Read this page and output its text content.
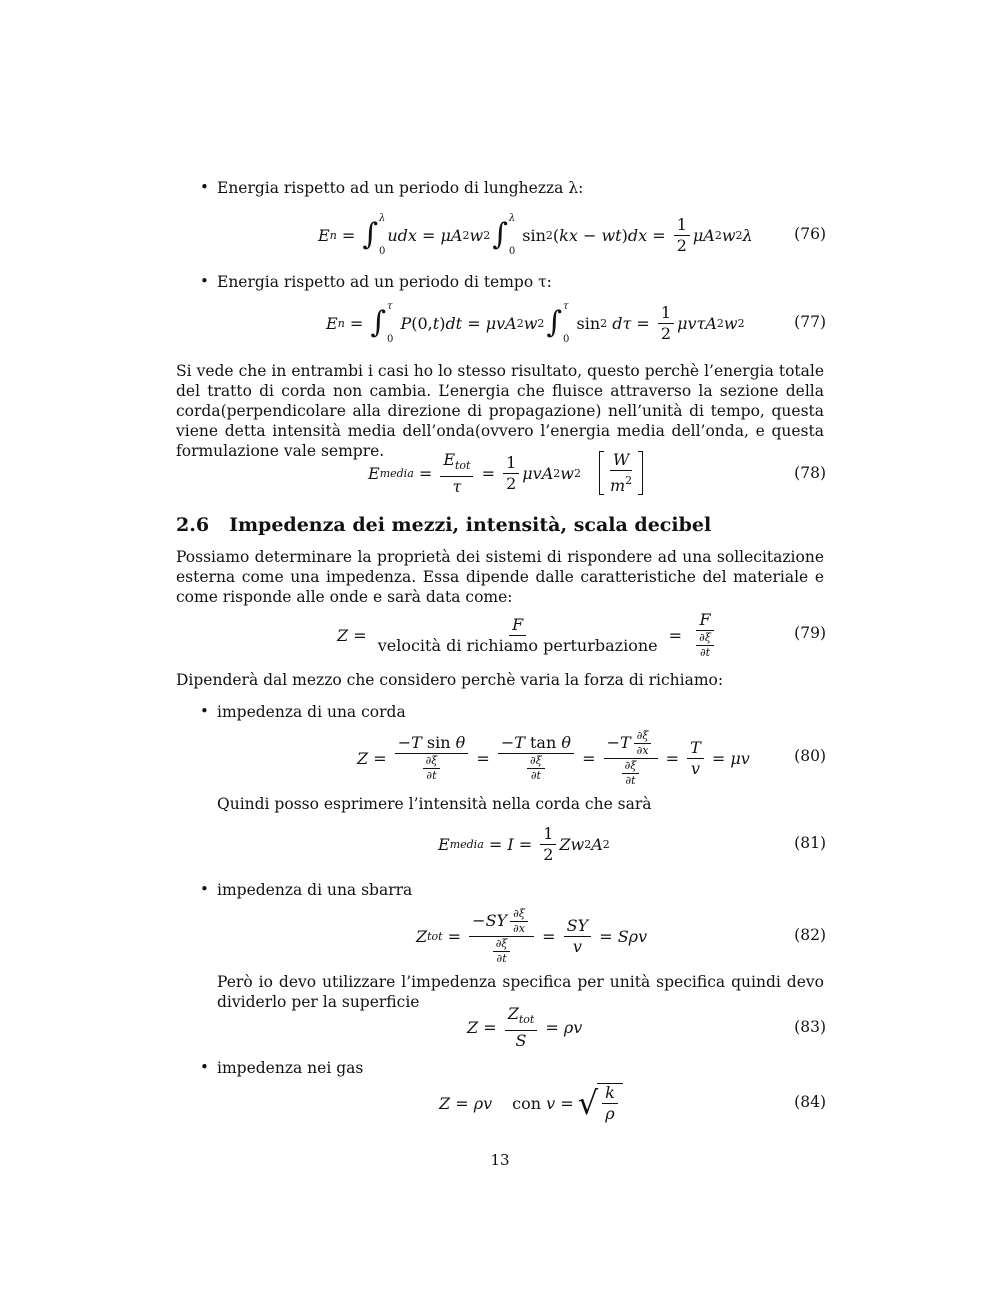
• Energia rispetto ad un periodo di lunghezza λ:
E n = ∫ λ
0
udx = μA 2 w 2 ∫ λ
0
sin 2 ( kx − wt ) dx = $\frac{1}{2}$ μA 2 w 2 λ	(76)
• Energia rispetto ad un periodo di tempo τ:
E n = ∫ τ
0

P (0, t ) dt = μvA 2 w 2 ∫ τ
0
sin 2
$d\tau = \frac{1}{2}$ μvτA 2 w 2	(77)
Si vede che in entrambi i casi ho lo stesso risultato, questo perchè l’energia totale del tratto di corda non cambia. L’energia che fluisce attraverso la sezione della corda(perpendicolare alla direzione di propagazione) nell’unità di tempo, questa viene detta intensità media dell’onda(ovvero l’energia media dell’onda, e questa formulazione vale sempre.
E media = $\frac{E_{tot}}{\tau} = \frac{1}{2}$ μvA 2 w $2 \frac{W}{m^2}$	(78)
2.6 Impedenza dei mezzi, intensità, scala decibel
Possiamo determinare la proprietà dei sistemi di rispondere ad una sollecitazione esterna come una impedenza. Essa dipende dalle caratteristiche del materiale e come risponde alle onde e sarà data come:
$Z = \frac{F}{\text{velocità di richiamo perturbazione}} = \frac{F}{\frac{\partial\xi}{\partial t}}$	(79)
Dipenderà dal mezzo che considero perchè varia la forza di richiamo:
• impedenza di una corda
$Z = \frac{\text{−T sin θ}}{\frac{\partial\xi}{\partial t}} = \frac{\text{−T tan θ}}{\frac{\partial\xi}{\partial t}} = \frac{-T \frac{\partial\xi}{\partial x}}{\frac{\partial\xi}{\partial t}} = \frac{T}{v} = \mu v$	(80)
Quindi posso esprimere l’intensità nella corda che sarà
E media = $I = \frac{1}{2}$ Zw 2 A 2	(81)
• impedenza di una sbarra
Z tot = $\frac{-SY \frac{\partial\xi}{\partial x}}{\frac{\partial\xi}{\partial t}} = \frac{SY}{v} = S\rho v$	(82)
Però io devo utilizzare l’impedenza specifica per unità specifica quindi devo dividerlo per la superficie
$Z = \frac{Z_{tot}}{S} = \rho v$	(83)
• impedenza nei gas
Z = ρv con
v = √ $\frac{k}{\rho}$	(84)
13
